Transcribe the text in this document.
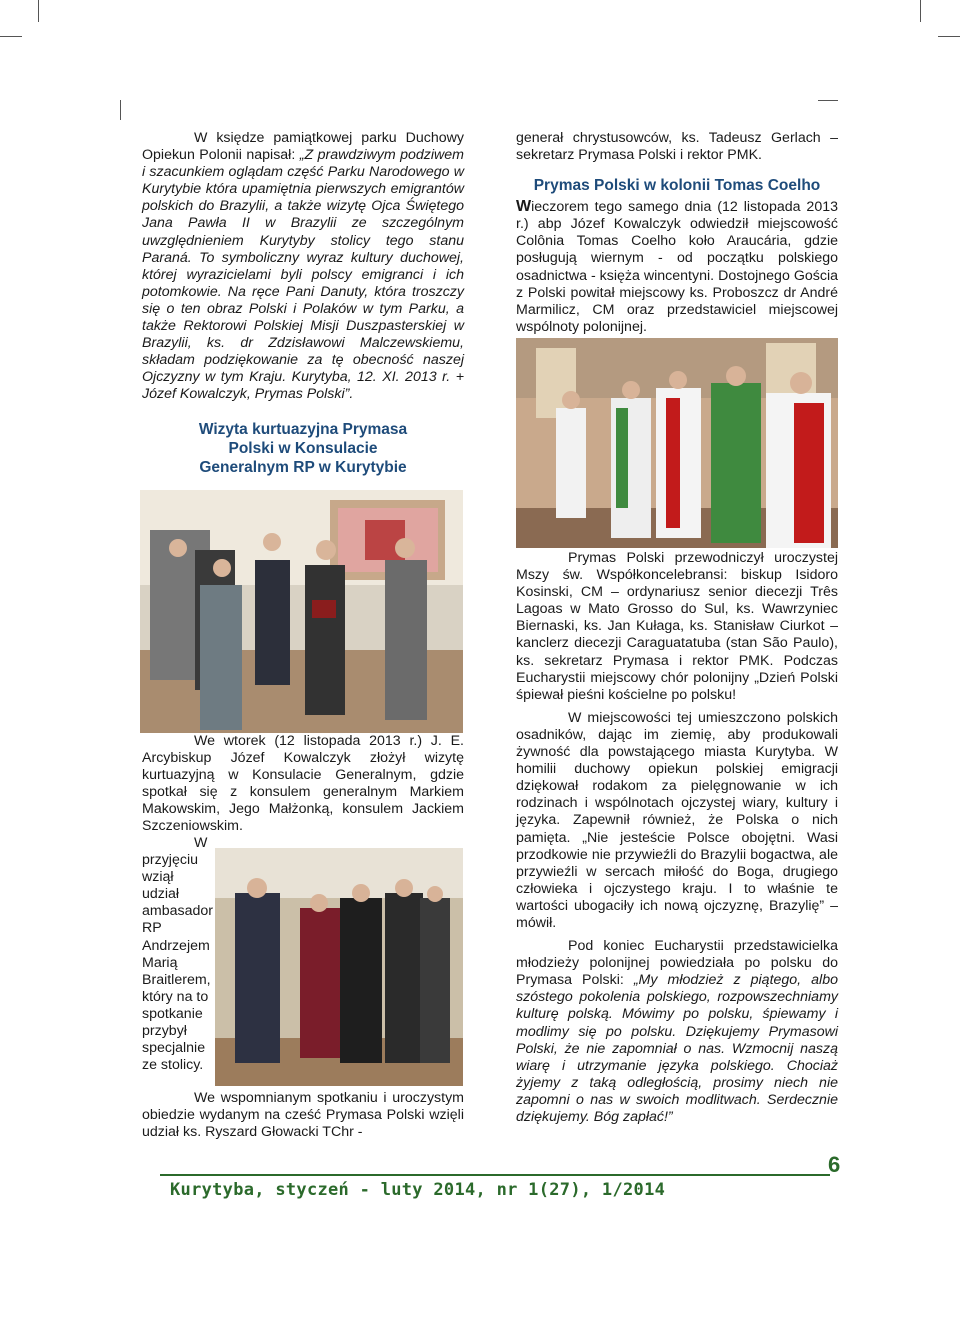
W księdze pamiątkowej parku Duchowy Opiekun Polonii napisał: „Z prawdziwym podziwem i szacunkiem oglądam część Parku Narodowego w Kurytybie która upamiętnia pierwszych emigrantów polskich do Brazylii, a także wizytę Ojca Świętego Jana Pawła II w Brazylii ze szczególnym uwzględnieniem Kurytyby stolicy tego stanu Paraná. To symboliczny wyraz kultury duchowej, której wyrazicielami byli polscy emigranci i ich potomkowie. Na ręce Pani Danuty, która troszczy się o ten obraz Polski i Polaków w tym Parku, a także Rektorowi Polskiej Misji Duszpasterskiej w Brazylii, ks. dr Zdzisławowi Malczewskiemu, składam podziękowanie za tę obecność naszej Ojczyzny w tym Kraju. Kurytyba, 12. XI. 2013 r. + Józef Kowalczyk, Prymas Polski”.

Wizyta kurtuazyjna Prymasa Polski w Konsulacie Generalnym RP w Kurytybie

We wtorek (12 listopada 2013 r.) J. E. Arcybiskup Józef Kowalczyk złożył wizytę kurtuazyjną w Konsulacie Generalnym, gdzie spotkał się z konsulem generalnym Markiem Makowskim, Jego Małżonką, konsulem Jackiem Szczeniowskim.

W przyjęciu wziął udział ambasador RP Andrzejem Marią Braitlerem, który na to spotkanie przybył specjalnie ze stolicy.

We wspomnianym spotkaniu i uroczystym obiedzie wydanym na cześć Prymasa Polski wzięli udział ks. Ryszard Głowacki TChr -

generał chrystusowców, ks. Tadeusz Gerlach – sekretarz Prymasa Polski i rektor PMK.

Prymas Polski w kolonii Tomas Coelho

Wieczorem tego samego dnia (12 listopada 2013 r.) abp Józef Kowalczyk odwiedził miejscowość Colônia Tomas Coelho koło Araucária, gdzie posługują wiernym - od początku polskiego osadnictwa - księża wincentyni. Dostojnego Gościa z Polski powitał miejscowy ks. Proboszcz dr André Marmilicz, CM oraz przedstawiciel miejscowej wspólnoty polonijnej.

Prymas Polski przewodniczył uroczystej Mszy św. Współkoncelebransi: biskup Isidoro Kosinski, CM – ordynariusz senior diecezji Três Lagoas w Mato Grosso do Sul, ks. Wawrzyniec Biernaski, ks. Jan Kułaga, ks. Stanisław Ciurkot – kanclerz diecezji Caraguatatuba (stan São Paulo), ks. sekretarz Prymasa i rektor PMK. Podczas Eucharystii miejscowy chór polonijny „Dzień Polski śpiewał pieśni kościelne po polsku!

W miejscowości tej umieszczono polskich osadników, dając im ziemię, aby produkowali żywność dla powstającego miasta Kurytyba. W homilii duchowy opiekun polskiej emigracji dziękował rodakom za pielęgnowanie w ich rodzinach i wspólnotach ojczystej wiary, kultury i języka. Zapewnił również, że Polska o nich pamięta. „Nie jesteście Polsce obojętni. Wasi przodkowie nie przywieźli do Brazylii bogactwa, ale przywieźli w sercach miłość do Boga, drugiego człowieka i ojczystego kraju. I to właśnie te wartości ubogaciły ich nową ojczyznę, Brazylię” – mówił.

Pod koniec Eucharystii przedstawicielka młodzieży polonijnej powiedziała po polsku do Prymasa Polski: „My młodzież z piątego, albo szóstego pokolenia polskiego, rozpowszechniamy kulturę polską. Mówimy po polsku, śpiewamy i modlimy się po polsku. Dziękujemy Prymasowi Polski, że nie zapomniał o nas. Wzmocnij naszą wiarę i utrzymanie języka polskiego. Chociaż żyjemy z taką odległością, prosimy niech nie zapomni o nas w swoich modlitwach. Serdecznie dziękujemy. Bóg zapłać!”

6
Kurytyba, styczeń - luty 2014, nr 1(27), 1/2014
